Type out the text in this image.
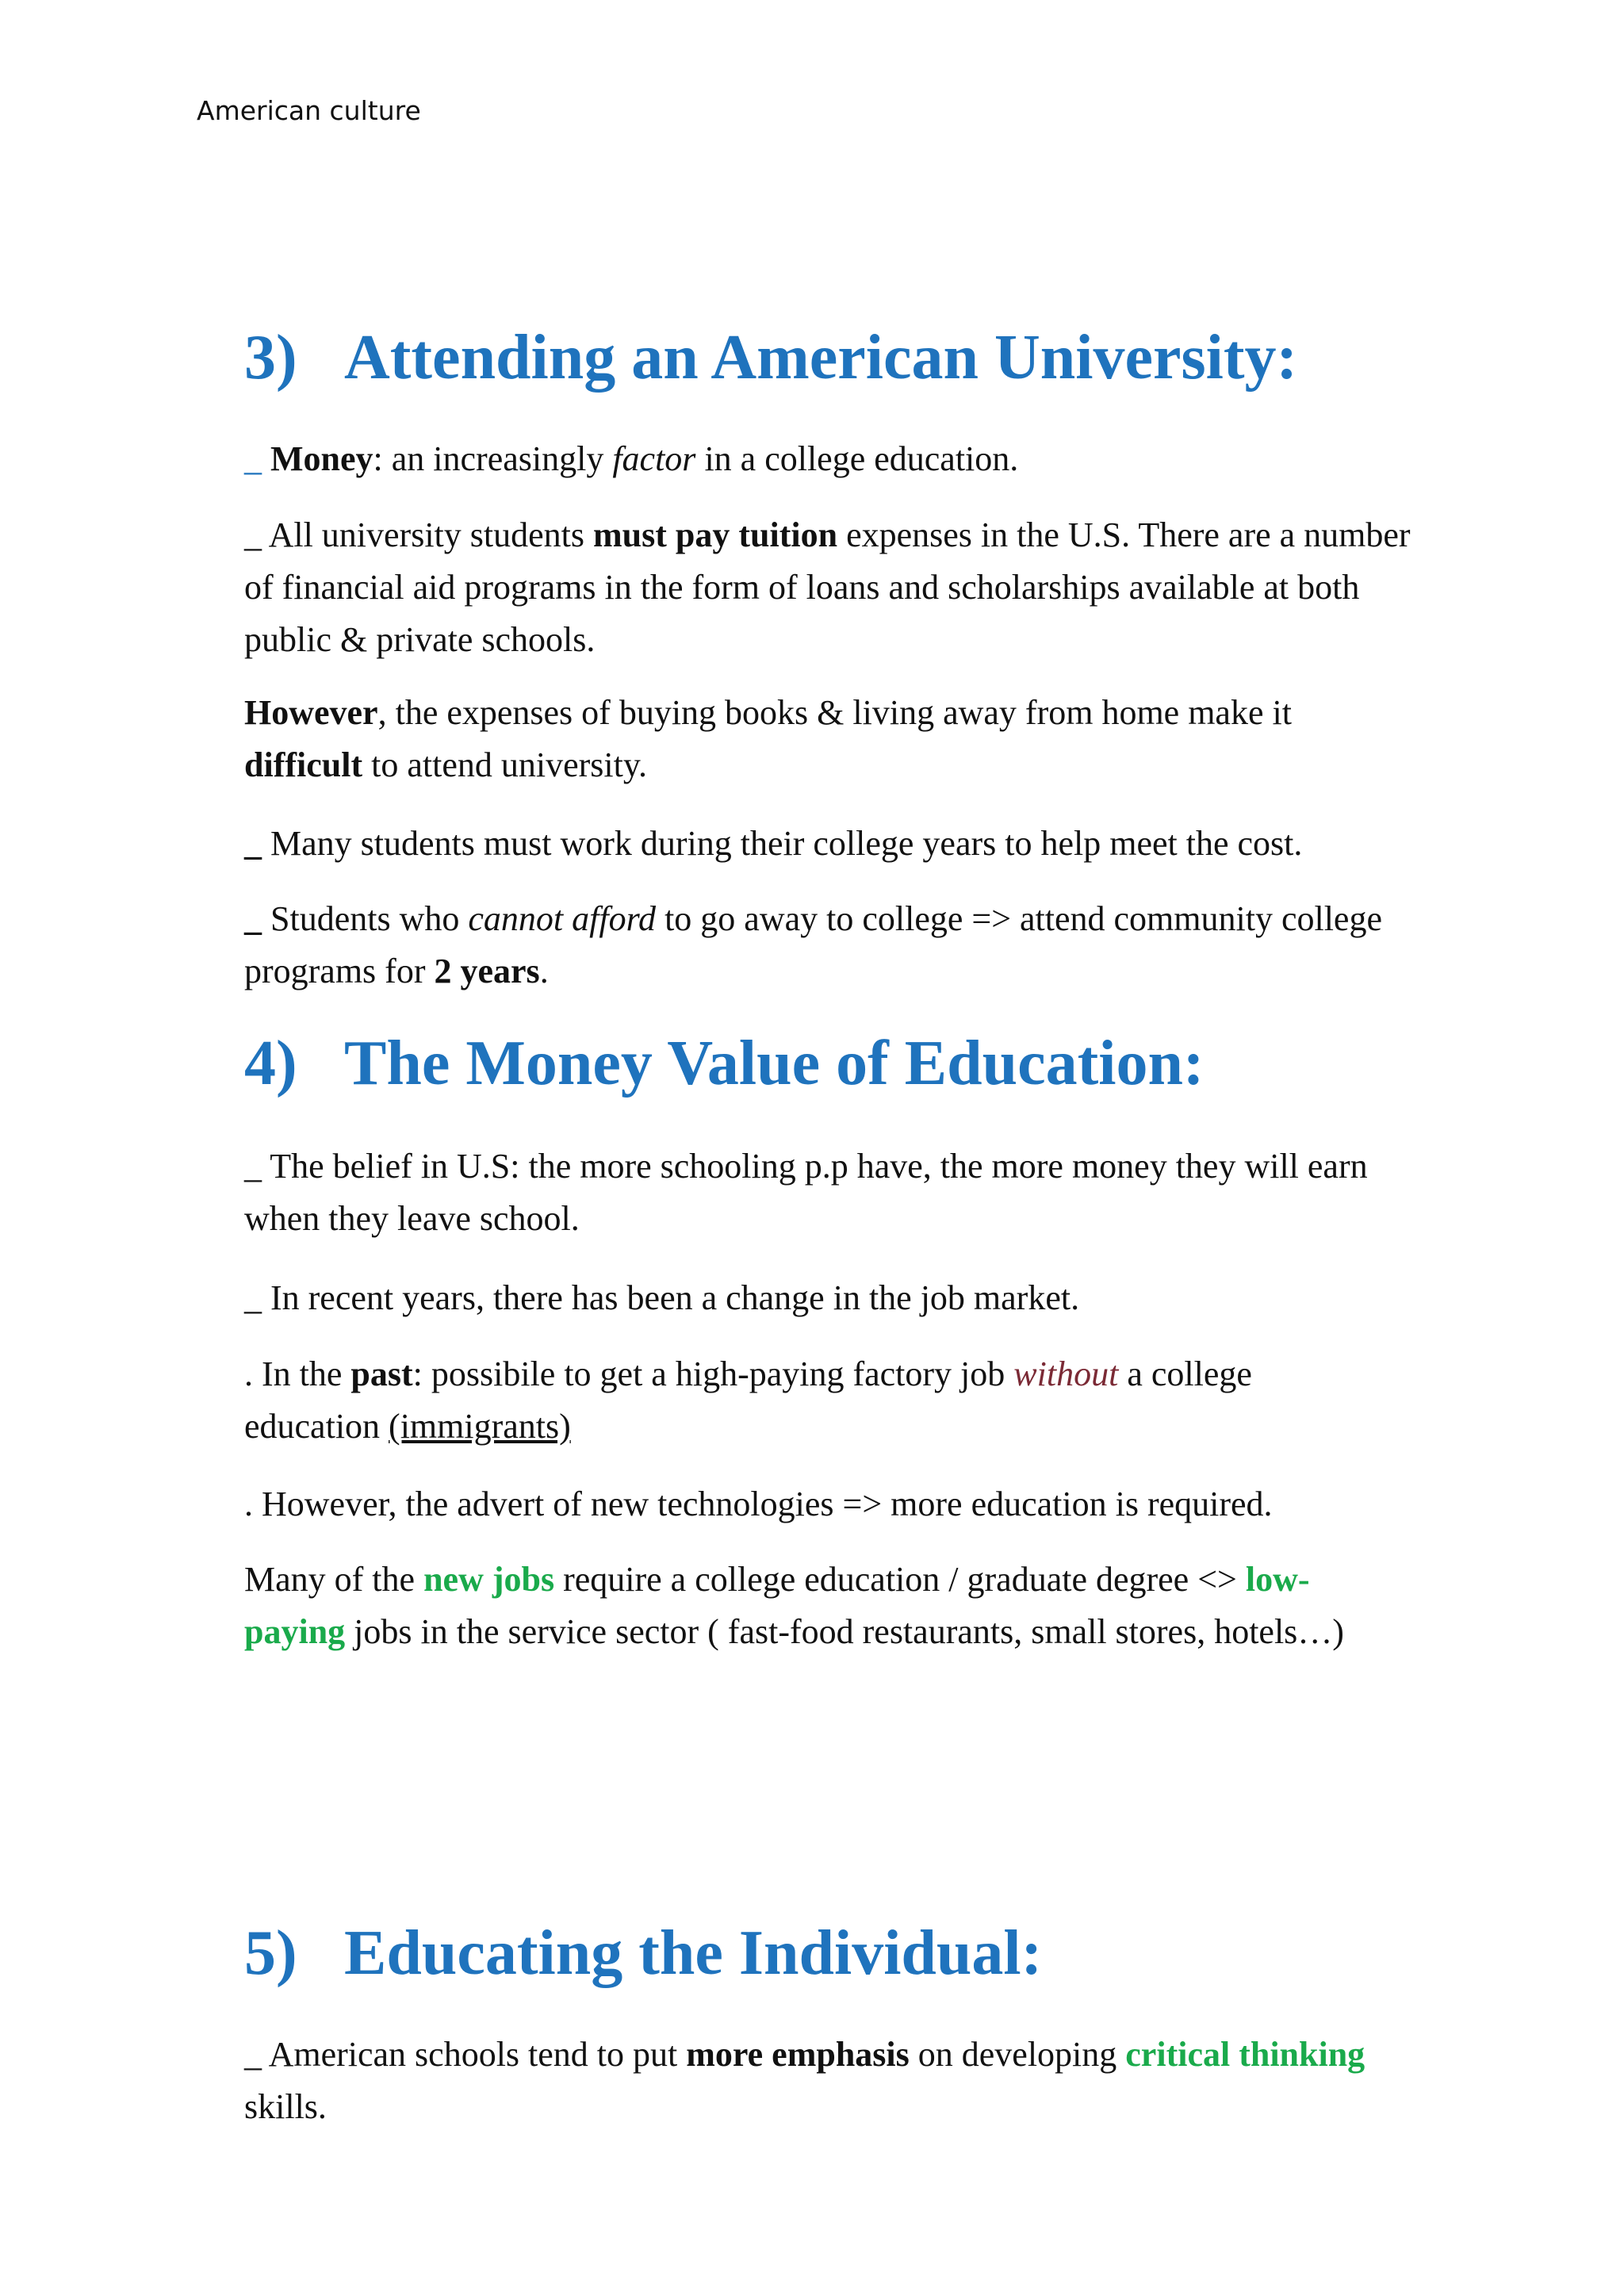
American culture
3) Attending an American University:

_ Money: an increasingly factor in a college education.

_ All university students must pay tuition expenses in the U.S. There are a number
of financial aid programs in the form of loans and scholarships available at both
public & private schools.

However, the expenses of buying books & living away from home make it
difficult to attend university.

_ Many students must work during their college years to help meet the cost.

_ Students who cannot afford to go away to college => attend community college
programs for 2 years.

4) The Money Value of Education:

_ The belief in U.S: the more schooling p.p have, the more money they will earn
when they leave school.

_ In recent years, there has been a change in the job market.

. In the past: possibile to get a high-paying factory job without a college
education (immigrants)

. However, the advert of new technologies => more education is required.

Many of the new jobs require a college education / graduate degree <> low-
paying jobs in the service sector ( fast-food restaurants, small stores, hotels…)

5) Educating the Individual:

_ American schools tend to put more emphasis on developing critical thinking
skills.
